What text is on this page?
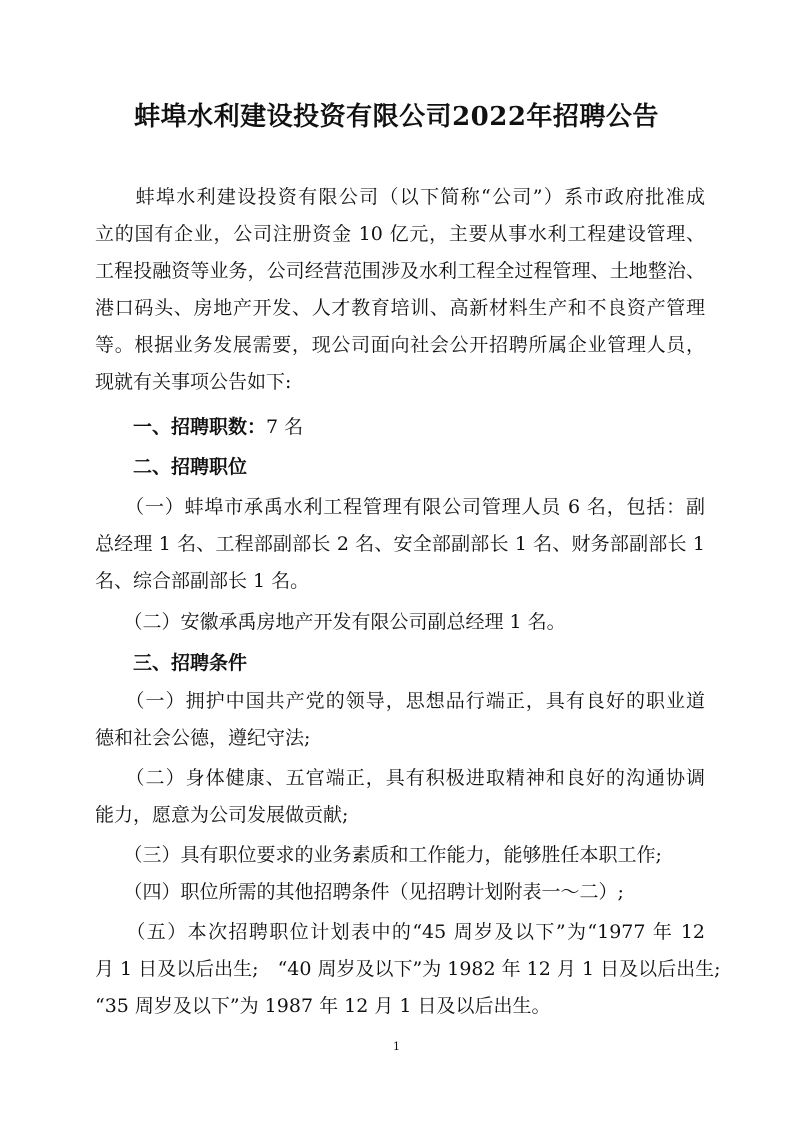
蚌埠水利建设投资有限公司2022年招聘公告
　　蚌埠水利建设投资有限公司（以下简称“公司”）系市政府批准成
立的国有企业，公司注册资金 10 亿元，主要从事水利工程建设管理、
工程投融资等业务，公司经营范围涉及水利工程全过程管理、土地整治、
港口码头、房地产开发、人才教育培训、高新材料生产和不良资产管理
等。根据业务发展需要，现公司面向社会公开招聘所属企业管理人员，
现就有关事项公告如下:
　　一、招聘职数：7 名
　　二、招聘职位
　　（一）蚌埠市承禹水利工程管理有限公司管理人员 6 名，包括：副
总经理 1 名、工程部副部长 2 名、安全部副部长 1 名、财务部副部长 1
名、综合部副部长 1 名。
　　（二）安徽承禹房地产开发有限公司副总经理 1 名。
　　三、招聘条件
　　（一）拥护中国共产党的领导，思想品行端正，具有良好的职业道
德和社会公德，遵纪守法;
　　（二）身体健康、五官端正，具有积极进取精神和良好的沟通协调
能力，愿意为公司发展做贡献;
　　（三）具有职位要求的业务素质和工作能力，能够胜任本职工作;
　　（四）职位所需的其他招聘条件（见招聘计划附表一～二）;
　　（五）本次招聘职位计划表中的“45 周岁及以下”为“1977 年 12
月 1 日及以后出生;　“40 周岁及以下”为 1982 年 12 月 1 日及以后出生;
“35 周岁及以下”为 1987 年 12 月 1 日及以后出生。
1
